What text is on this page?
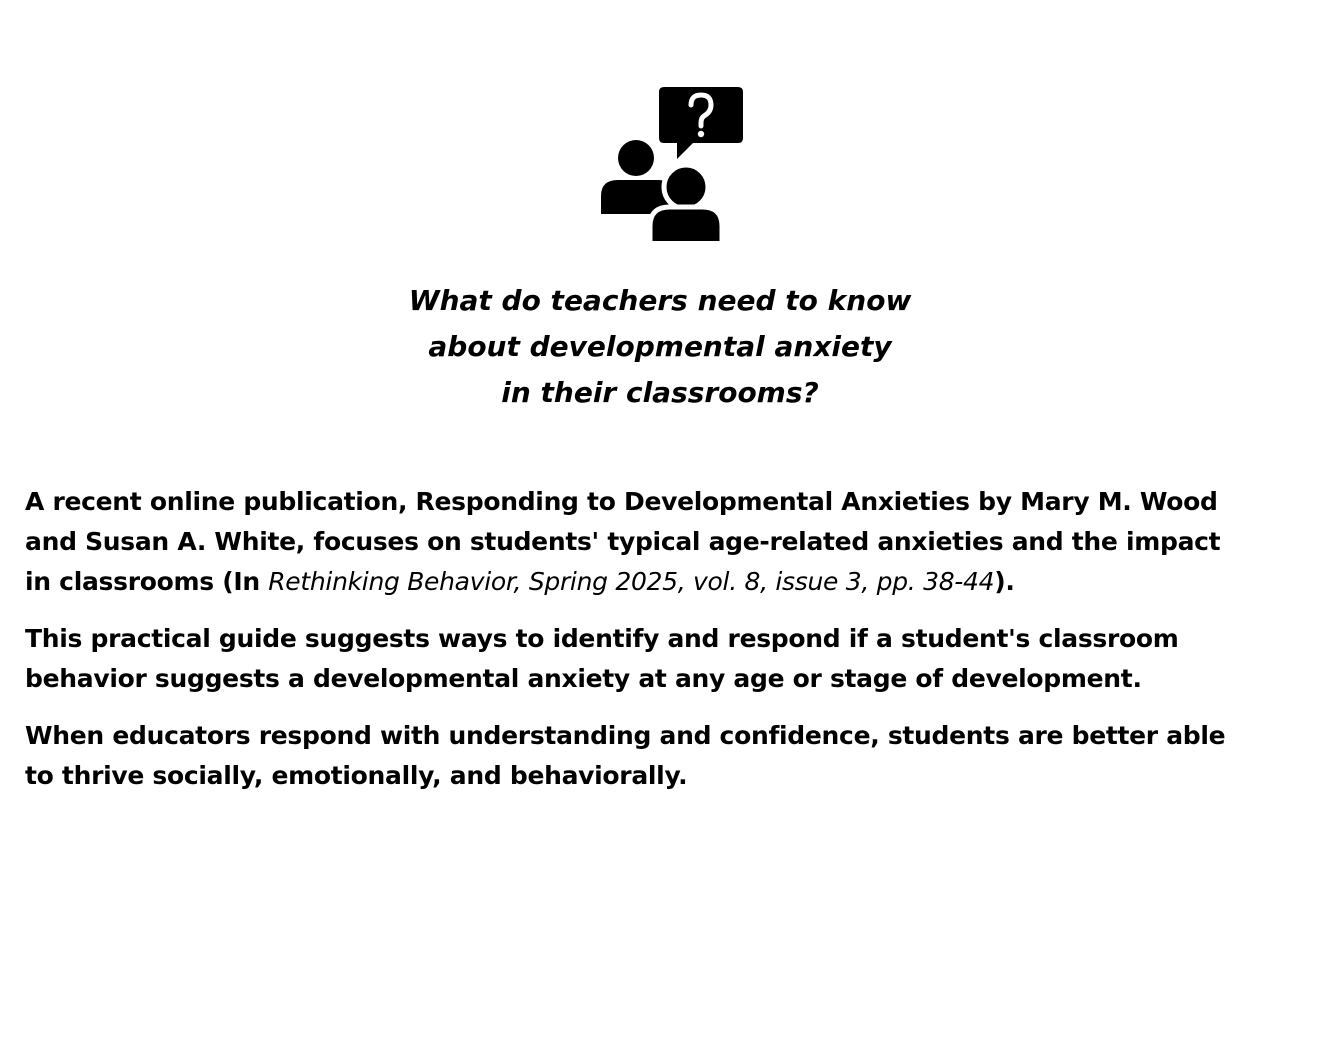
What do teachers need to know
about developmental anxiety
in their classrooms?

A recent online publication, Responding to Developmental Anxieties by Mary M. Wood
and Susan A. White, focuses on students' typical age-related anxieties and the impact
in classrooms (In Rethinking Behavior, Spring 2025, vol. 8, issue 3, pp. 38-44).

This practical guide suggests ways to identify and respond if a student's classroom
behavior suggests a developmental anxiety at any age or stage of development.

When educators respond with understanding and confidence, students are better able
to thrive socially, emotionally, and behaviorally.
